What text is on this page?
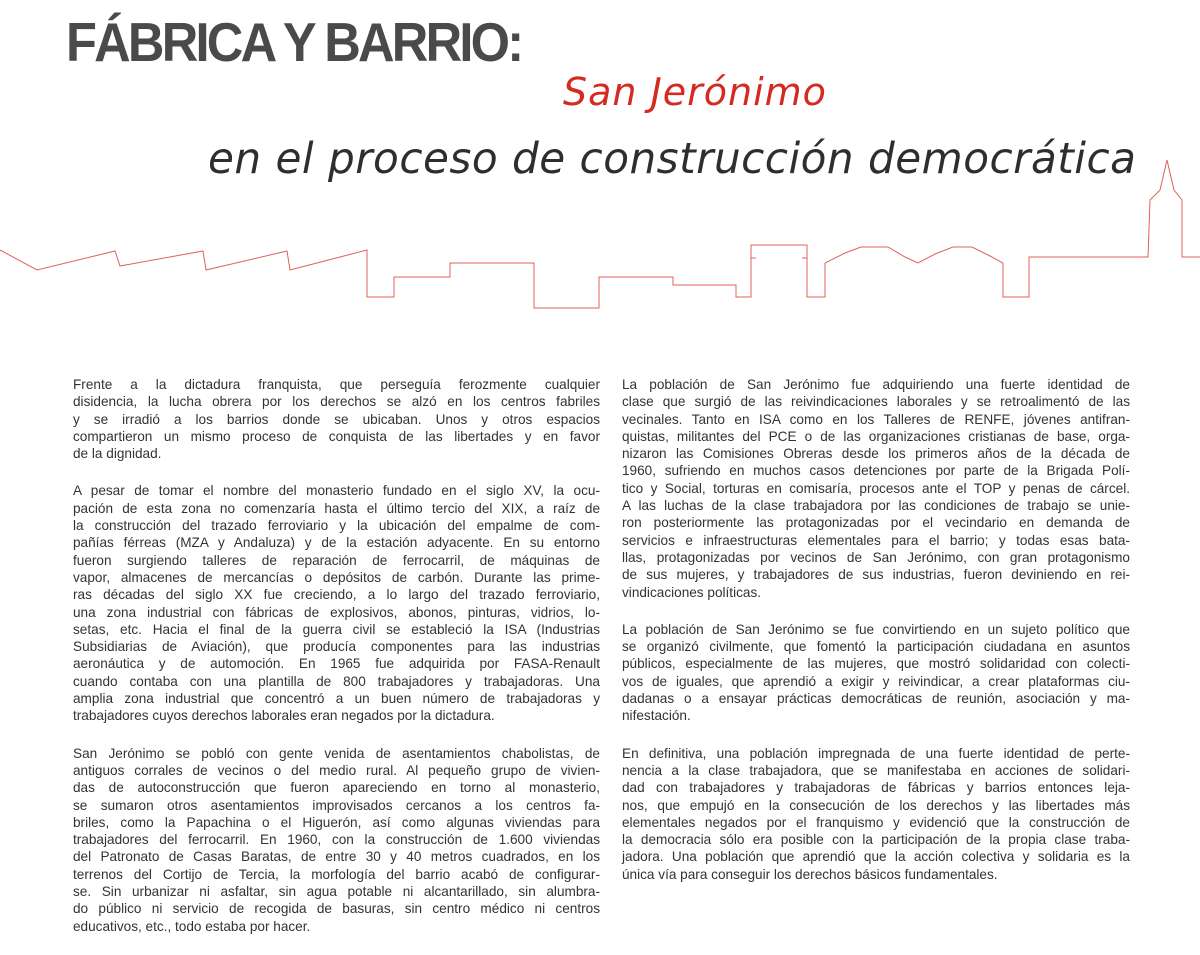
FÁBRICA Y BARRIO:
San Jerónimo
en el proceso de construcción democrática
Frente a la dictadura franquista, que perseguía ferozmente cualquier
disidencia, la lucha obrera por los derechos se alzó en los centros fabriles
y se irradió a los barrios donde se ubicaban. Unos y otros espacios
compartieron un mismo proceso de conquista de las libertades y en favor
de la dignidad.
A pesar de tomar el nombre del monasterio fundado en el siglo XV, la ocu-
pación de esta zona no comenzaría hasta el último tercio del XIX, a raíz de
la construcción del trazado ferroviario y la ubicación del empalme de com-
pañías férreas (MZA y Andaluza) y de la estación adyacente. En su entorno
fueron surgiendo talleres de reparación de ferrocarril, de máquinas de
vapor, almacenes de mercancías o depósitos de carbón. Durante las prime-
ras décadas del siglo XX fue creciendo, a lo largo del trazado ferroviario,
una zona industrial con fábricas de explosivos, abonos, pinturas, vidrios, lo-
setas, etc. Hacia el final de la guerra civil se estableció la ISA (Industrias
Subsidiarias de Aviación), que producía componentes para las industrias
aeronáutica y de automoción. En 1965 fue adquirida por FASA-Renault
cuando contaba con una plantilla de 800 trabajadores y trabajadoras. Una
amplia zona industrial que concentró a un buen número de trabajadoras y
trabajadores cuyos derechos laborales eran negados por la dictadura.
San Jerónimo se pobló con gente venida de asentamientos chabolistas, de
antiguos corrales de vecinos o del medio rural. Al pequeño grupo de vivien-
das de autoconstrucción que fueron apareciendo en torno al monasterio,
se sumaron otros asentamientos improvisados cercanos a los centros fa-
briles, como la Papachina o el Higuerón, así como algunas viviendas para
trabajadores del ferrocarril. En 1960, con la construcción de 1.600 viviendas
del Patronato de Casas Baratas, de entre 30 y 40 metros cuadrados, en los
terrenos del Cortijo de Tercia, la morfología del barrio acabó de configurar-
se. Sin urbanizar ni asfaltar, sin agua potable ni alcantarillado, sin alumbra-
do público ni servicio de recogida de basuras, sin centro médico ni centros
educativos, etc., todo estaba por hacer.
La población de San Jerónimo fue adquiriendo una fuerte identidad de
clase que surgió de las reivindicaciones laborales y se retroalimentó de las
vecinales. Tanto en ISA como en los Talleres de RENFE, jóvenes antifran-
quistas, militantes del PCE o de las organizaciones cristianas de base, orga-
nizaron las Comisiones Obreras desde los primeros años de la década de
1960, sufriendo en muchos casos detenciones por parte de la Brigada Polí-
tico y Social, torturas en comisaría, procesos ante el TOP y penas de cárcel.
A las luchas de la clase trabajadora por las condiciones de trabajo se unie-
ron posteriormente las protagonizadas por el vecindario en demanda de
servicios e infraestructuras elementales para el barrio; y todas esas bata-
llas, protagonizadas por vecinos de San Jerónimo, con gran protagonismo
de sus mujeres, y trabajadores de sus industrias, fueron deviniendo en rei-
vindicaciones políticas.
La población de San Jerónimo se fue convirtiendo en un sujeto político que
se organizó civilmente, que fomentó la participación ciudadana en asuntos
públicos, especialmente de las mujeres, que mostró solidaridad con colecti-
vos de iguales, que aprendió a exigir y reivindicar, a crear plataformas ciu-
dadanas o a ensayar prácticas democráticas de reunión, asociación y ma-
nifestación.
En definitiva, una población impregnada de una fuerte identidad de perte-
nencia a la clase trabajadora, que se manifestaba en acciones de solidari-
dad con trabajadores y trabajadoras de fábricas y barrios entonces leja-
nos, que empujó en la consecución de los derechos y las libertades más
elementales negados por el franquismo y evidenció que la construcción de
la democracia sólo era posible con la participación de la propia clase traba-
jadora. Una población que aprendió que la acción colectiva y solidaria es la
única vía para conseguir los derechos básicos fundamentales.
